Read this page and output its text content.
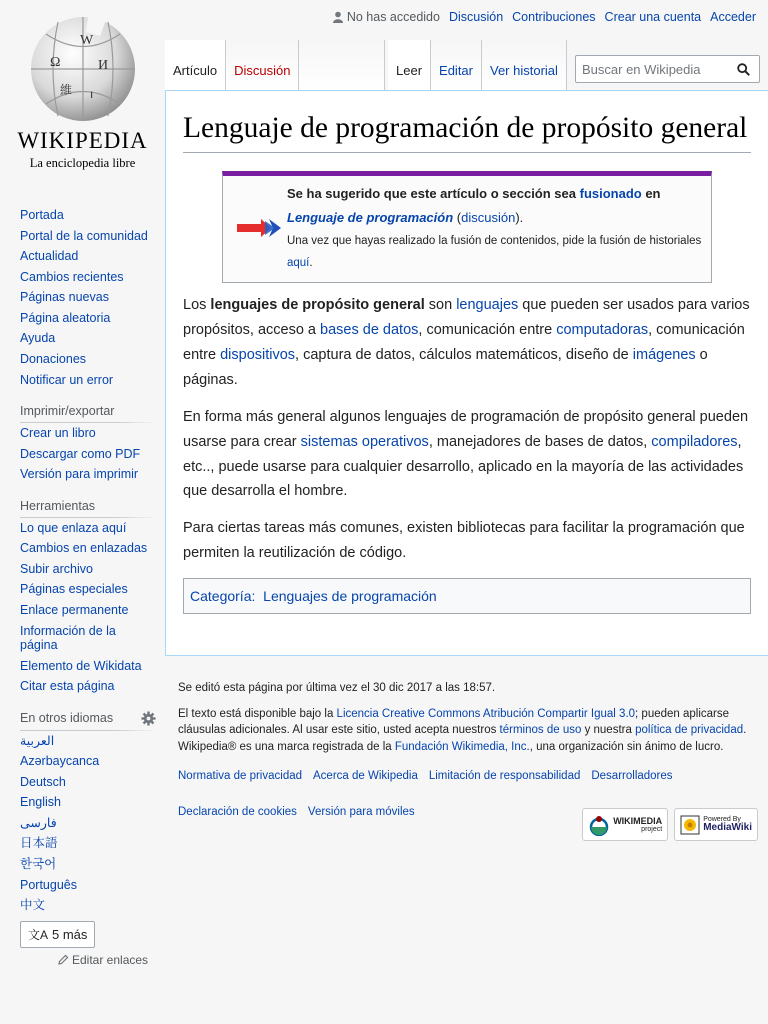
No has accedido Discusión Contribuciones Crear una cuenta Acceder
W
Ω	И
維 ו
WIKIPEDIA
La enciclopedia libre
Artículo	Discusión	Leer	Editar	Ver historial
Buscar en Wikipedia
Lenguaje de programación de propósito general
Se ha sugerido que este artículo o sección sea fusionado en
Lenguaje de programación (discusión).
Una vez que hayas realizado la fusión de contenidos, pide la fusión de historiales aquí.

Los lenguajes de propósito general son lenguajes que pueden ser usados para varios propósitos, acceso a bases de datos, comunicación entre computadoras, comunicación entre dispositivos, captura de datos, cálculos matemáticos, diseño de imágenes o páginas.

En forma más general algunos lenguajes de programación de propósito general pueden usarse para crear sistemas operativos, manejadores de bases de datos, compiladores, etc.., puede usarse para cualquier desarrollo, aplicado en la mayoría de las actividades que desarrolla el hombre.

Para ciertas tareas más comunes, existen bibliotecas para facilitar la programación que permiten la reutilización de código.

Categoría: Lenguajes de programación
Portada
Portal de la comunidad
Actualidad
Cambios recientes
Páginas nuevas
Página aleatoria
Ayuda
Donaciones
Notificar un error
Imprimir/exportar
Crear un libro
Descargar como PDF
Versión para imprimir
Herramientas
Lo que enlaza aquí
Cambios en enlazadas
Subir archivo
Páginas especiales
Enlace permanente
Información de la página
Elemento de Wikidata
Citar esta página
En otros idiomas
العربية
Azərbaycanca
Deutsch
English
فارسی
日本語
한국어
Português
中文
文A 5 más
Editar enlaces

Se editó esta página por última vez el 30 dic 2017 a las 18:57.

El texto está disponible bajo la Licencia Creative Commons Atribución Compartir Igual 3.0; pueden aplicarse cláusulas adicionales. Al usar este sitio, usted acepta nuestros términos de uso y nuestra política de privacidad. Wikipedia® es una marca registrada de la Fundación Wikimedia, Inc., una organización sin ánimo de lucro.

Normativa de privacidad Acerca de Wikipedia Limitación de responsabilidad Desarrolladores
Declaración de cookies Versión para móviles
WIKIMEDIA
project
Powered By
MediaWiki
